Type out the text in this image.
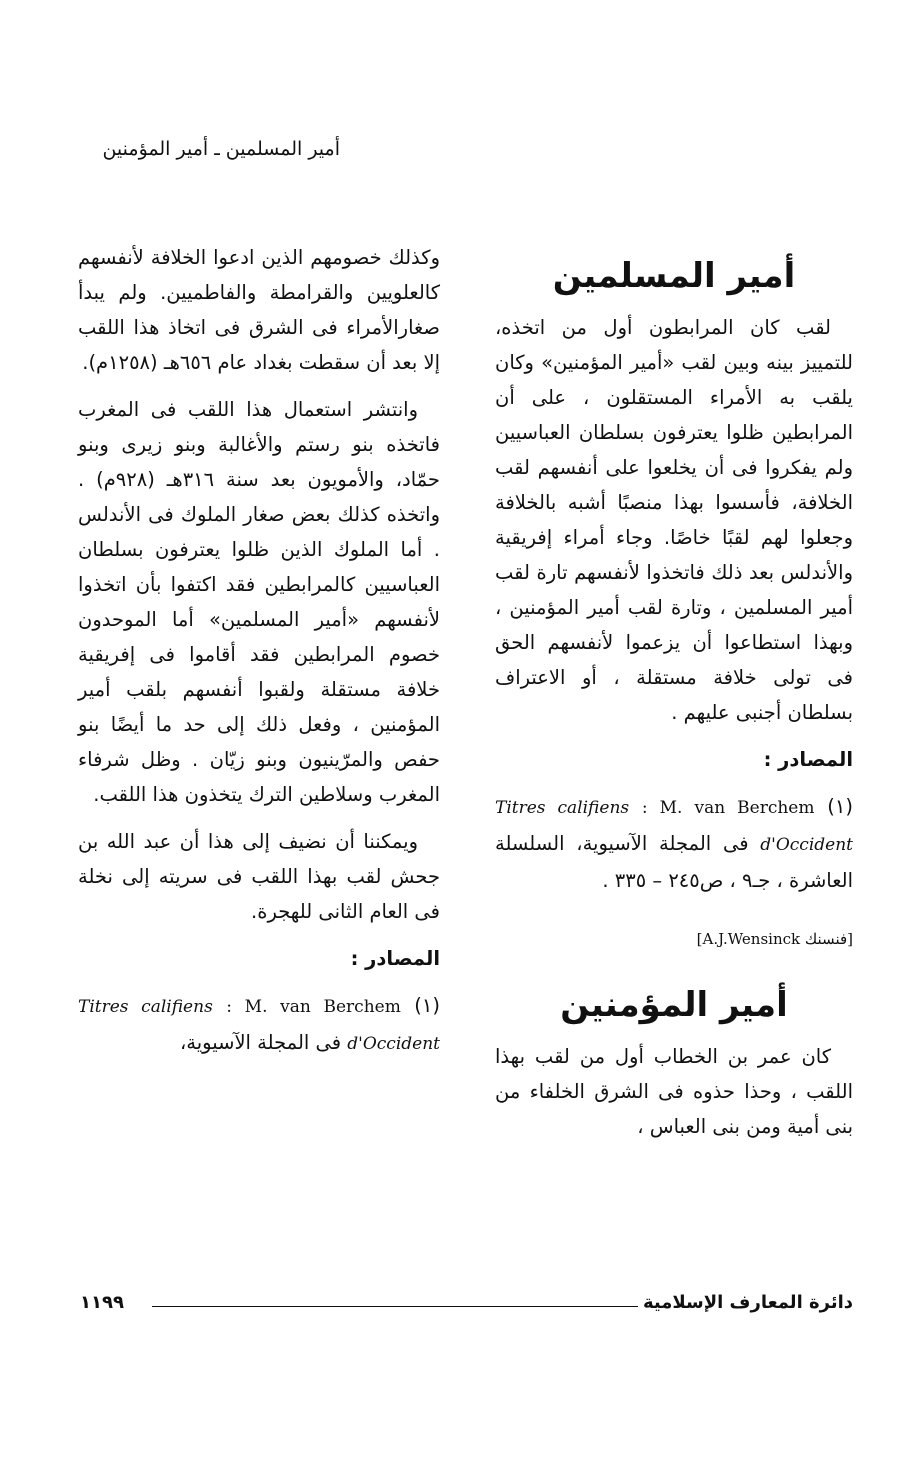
أمير المسلمين ـ أمير المؤمنين
أمير المسلمين

لقب كان المرابطون أول من اتخذه، للتمييز بينه وبين لقب «أمير المؤمنين» وكان يلقب به الأمراء المستقلون ، على أن المرابطين ظلوا يعترفون بسلطان العباسيين ولم يفكروا فى أن يخلعوا على أنفسهم لقب الخلافة، فأسسوا بهذا منصبًا أشبه بالخلافة وجعلوا لهم لقبًا خاصًا. وجاء أمراء إفريقية والأندلس بعد ذلك فاتخذوا لأنفسهم تارة لقب أمير المسلمين ، وتارة لقب أمير المؤمنين ، وبهذا استطاعوا أن يزعموا لأنفسهم الحق فى تولى خلافة مستقلة ، أو الاعتراف بسلطان أجنبى عليهم .

المصادر :

(١) Titres califiens : M. van Berchem d'Occident فى المجلة الآسيوية، السلسلة العاشرة ، جـ٩ ، ص٢٤٥ – ٣٣٥ .

[فنسنك A.J.Wensinck]
أمير المؤمنين

كان عمر بن الخطاب أول من لقب بهذا اللقب ، وحذا حذوه فى الشرق الخلفاء من بنى أمية ومن بنى العباس ،

وكذلك خصومهم الذين ادعوا الخلافة لأنفسهم كالعلويين والقرامطة والفاطميين. ولم يبدأ صغارالأمراء فى الشرق فى اتخاذ هذا اللقب إلا بعد أن سقطت بغداد عام ٦٥٦هـ (١٢٥٨م).

وانتشر استعمال هذا اللقب فى المغرب فاتخذه بنو رستم والأغالبة وبنو زيرى وبنو حمّاد، والأمويون بعد سنة ٣١٦هـ (٩٢٨م) . واتخذه كذلك بعض صغار الملوك فى الأندلس . أما الملوك الذين ظلوا يعترفون بسلطان العباسيين كالمرابطين فقد اكتفوا بأن اتخذوا لأنفسهم «أمير المسلمين» أما الموحدون خصوم المرابطين فقد أقاموا فى إفريقية خلافة مستقلة ولقبوا أنفسهم بلقب أمير المؤمنين ، وفعل ذلك إلى حد ما أيضًا بنو حفص والمرّينيون وبنو زيّان . وظل شرفاء المغرب وسلاطين الترك يتخذون هذا اللقب.

ويمكننا أن نضيف إلى هذا أن عبد الله بن جحش لقب بهذا اللقب فى سريته إلى نخلة فى العام الثانى للهجرة.

المصادر :

(١) Titres califiens : M. van Berchem d'Occident فى المجلة الآسيوية،

دائرة المعارف الإسلامية
١١٩٩
